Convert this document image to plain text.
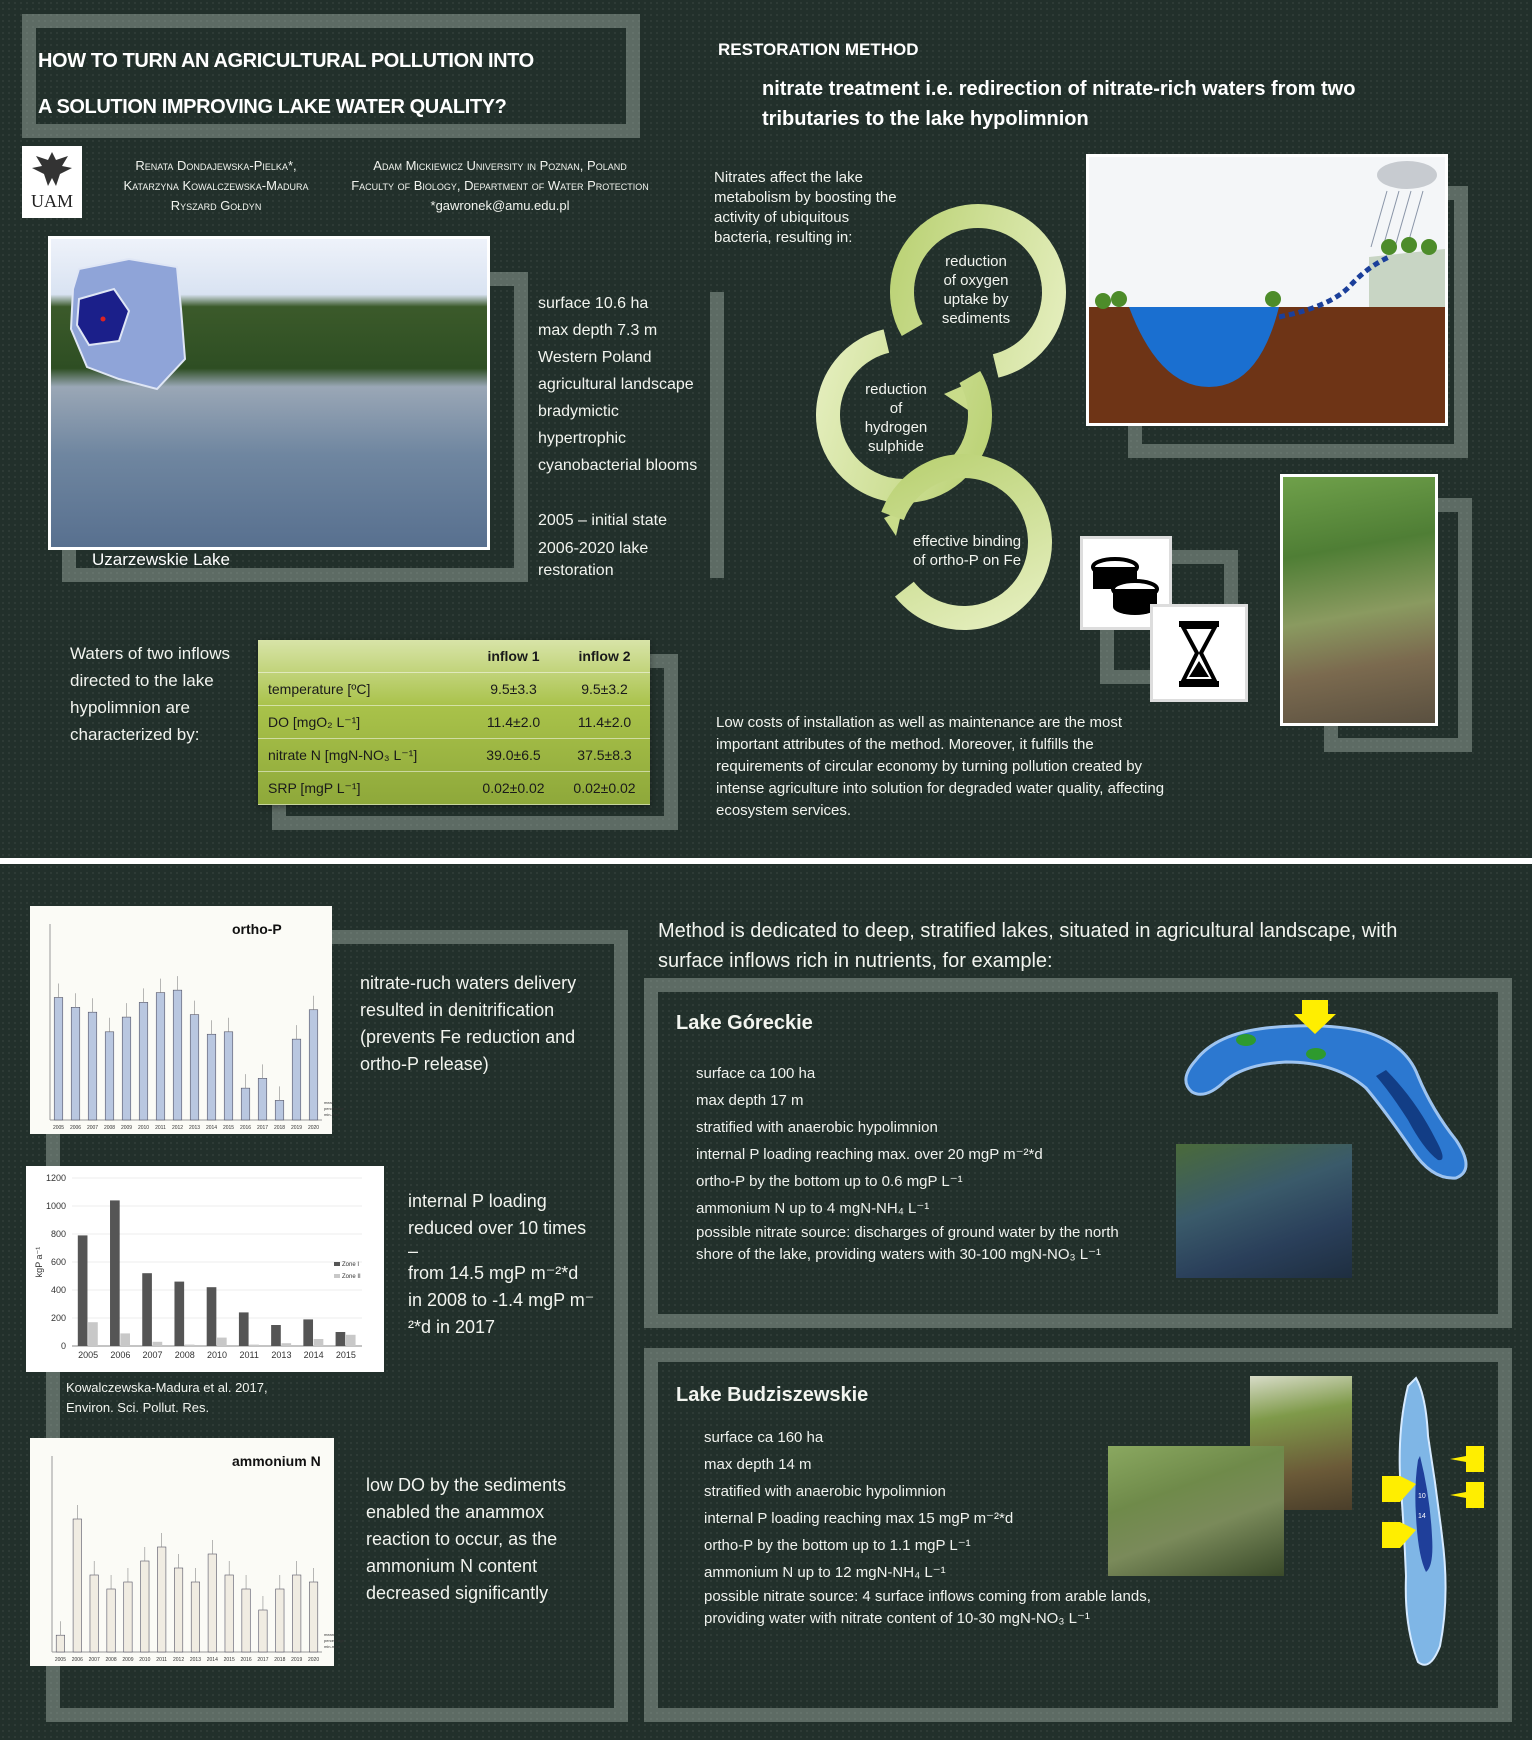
HOW TO TURN AN AGRICULTURAL POLLUTION INTO
A SOLUTION IMPROVING LAKE WATER QUALITY?
UAM
Renata Dondajewska-Pielka*,
Katarzyna Kowalczewska-Madura
Ryszard Gołdyn
Adam Mickiewicz University in Poznan, Poland
Faculty of Biology, Department of Water Protection
*gawronek@amu.edu.pl
Uzarzewskie Lake
surface 10.6 ha
max depth 7.3 m
Western Poland
agricultural landscape
bradymictic
hypertrophic
cyanobacterial blooms
2005 – initial state
2006-2020 lake
restoration
Waters of two inflows
directed to the lake
hypolimnion are
characterized by:
	inflow 1	inflow 2
temperature [ºC]	9.5±3.3	9.5±3.2
DO [mgO₂ L⁻¹]	11.4±2.0	11.4±2.0
nitrate N [mgN-NO₃ L⁻¹]	39.0±6.5	37.5±8.3
SRP [mgP L⁻¹]	0.02±0.02	0.02±0.02
RESTORATION METHOD
nitrate treatment i.e. redirection of nitrate-rich waters from two
tributaries to the lake hypolimnion
Nitrates affect the lake
metabolism by boosting the
activity of ubiquitous
bacteria, resulting in:
reduction
of oxygen
uptake by
sediments
reduction
of
hydrogen
sulphide
effective binding
of ortho-P on Fe
Low costs of installation as well as maintenance are the most
important attributes of the method. Moreover, it fulfills the
requirements of circular economy by turning pollution created by
intense agriculture into solution for degraded water quality, affecting
ecosystem services.
2005 2006 2007 2008 2009 2010 2011 2012 2013 2014 2015 2016 2017 2018 2019 2020
ortho-P
mean
percentage
min-max
nitrate-ruch waters delivery
resulted in denitrification
(prevents Fe reduction and
ortho-P release)
0
200
400
600
800
1000
1200
kgP a⁻¹
2005 2006 2007 2008 2010 2011 2013 2014 2015
Zone I
Zone II
internal P loading
reduced over 10 times
–
from 14.5 mgP m⁻²*d
in 2008 to -1.4 mgP m⁻
²*d in 2017
Kowalczewska-Madura et al. 2017,
Environ. Sci. Pollut. Res.
2005 2006 2007 2008 2009 2010 2011 2012 2013 2014 2015 2016 2017 2018 2019 2020
ammonium N
mean
percentage
min-max
low DO by the sediments
enabled the anammox
reaction to occur, as the
ammonium N content
decreased significantly
Method is dedicated to deep, stratified lakes, situated in agricultural landscape, with
surface inflows rich in nutrients, for example:
Lake Góreckie
surface ca 100 ha
max depth 17 m
stratified with anaerobic hypolimnion
internal P loading reaching max. over 20 mgP m⁻²*d
ortho-P by the bottom up to 0.6 mgP L⁻¹
ammonium N up to 4 mgN-NH₄ L⁻¹
possible nitrate source: discharges of ground water by the north
shore of the lake, providing waters with 30-100 mgN-NO₃ L⁻¹
Lake Budziszewskie
surface ca 160 ha
max depth 14 m
stratified with anaerobic hypolimnion
internal P loading reaching max 15 mgP m⁻²*d
ortho-P by the bottom up to 1.1 mgP L⁻¹
ammonium N up to 12 mgN-NH₄ L⁻¹
possible nitrate source: 4 surface inflows coming from arable lands,
providing water with nitrate content of 10-30 mgN-NO₃ L⁻¹
10
14
